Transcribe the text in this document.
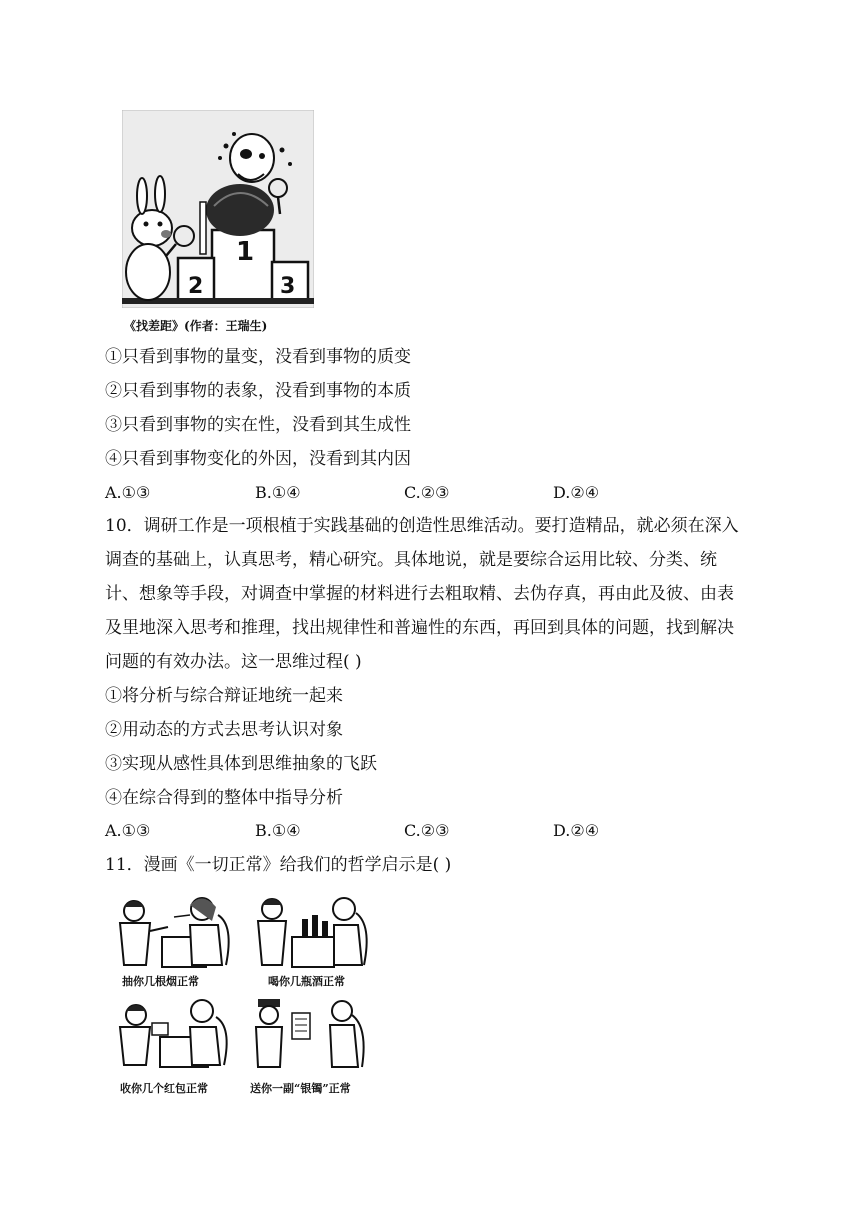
1
2	3
《找差距》(作者：王瑞生)
①只看到事物的量变，没看到事物的质变
②只看到事物的表象，没看到事物的本质
③只看到事物的实在性，没看到其生成性
④只看到事物变化的外因，没看到其内因
A.①③	B.①④	C.②③	D.②④
10．调研工作是一项根植于实践基础的创造性思维活动。要打造精品，就必须在深入
调查的基础上，认真思考，精心研究。具体地说，就是要综合运用比较、分类、统
计、想象等手段，对调查中掌握的材料进行去粗取精、去伪存真，再由此及彼、由表
及里地深入思考和推理，找出规律性和普遍性的东西，再回到具体的问题，找到解决
问题的有效办法。这一思维过程( )
①将分析与综合辩证地统一起来
②用动态的方式去思考认识对象
③实现从感性具体到思维抽象的飞跃
④在综合得到的整体中指导分析
A.①③	B.①④	C.②③	D.②④
11．漫画《一切正常》给我们的哲学启示是( )
抽你几根烟正常	喝你几瓶酒正常
收你几个红包正常	送你一副“银镯”正常
